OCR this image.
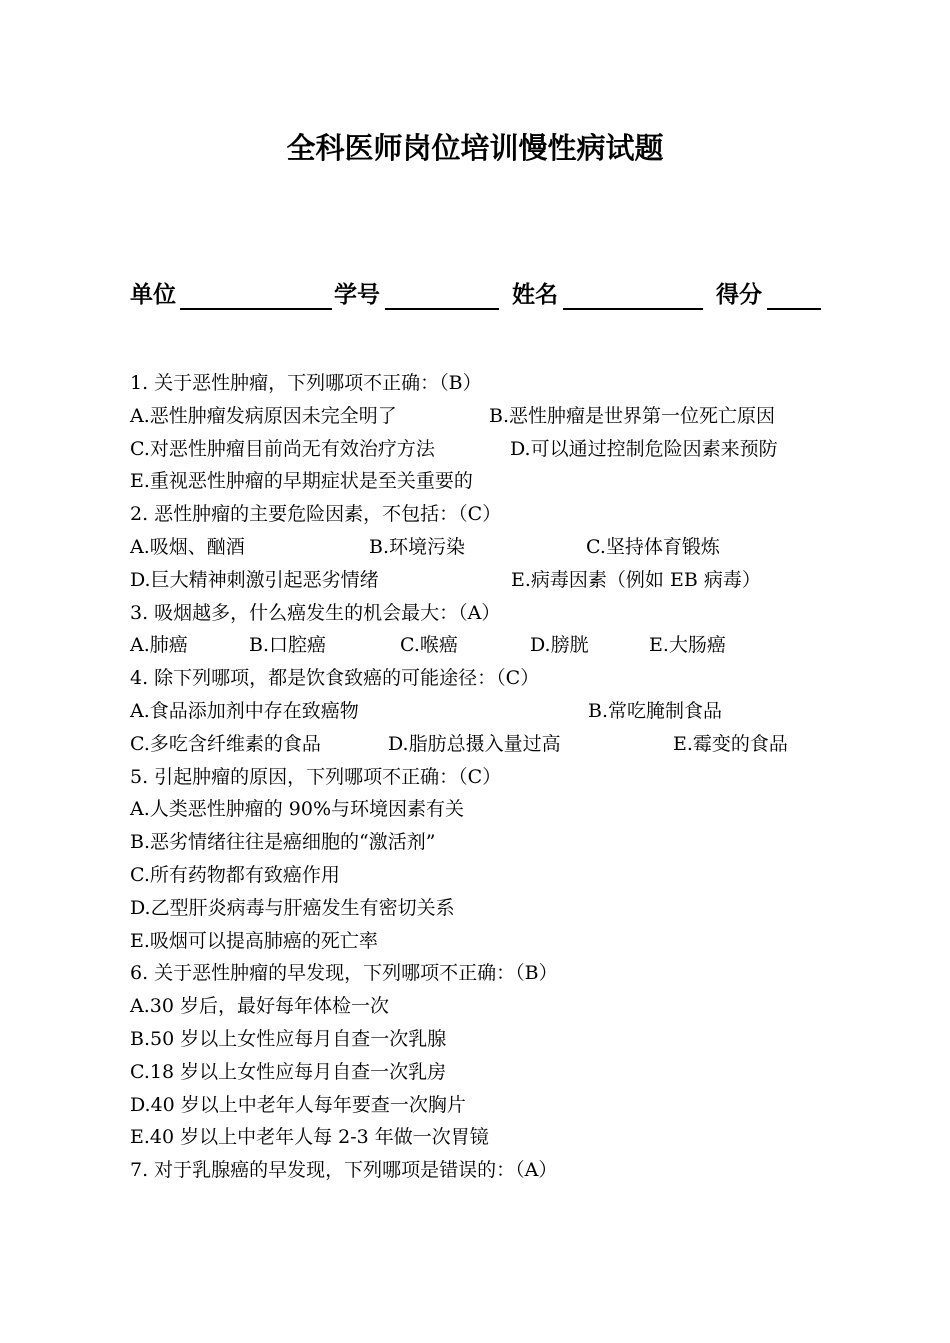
全科医师岗位培训慢性病试题
单位	学号	姓名	得分
1. 关于恶性肿瘤，下列哪项不正确：（B）
A.恶性肿瘤发病原因未完全明了	B.恶性肿瘤是世界第一位死亡原因
C.对恶性肿瘤目前尚无有效治疗方法	D.可以通过控制危险因素来预防
E.重视恶性肿瘤的早期症状是至关重要的
2. 恶性肿瘤的主要危险因素，不包括：（C）
A.吸烟、酗酒	B.环境污染	C.坚持体育锻炼
D.巨大精神刺激引起恶劣情绪	E.病毒因素（例如 EB 病毒）
3. 吸烟越多，什么癌发生的机会最大：（A）
A.肺癌	B.口腔癌	C.喉癌	D.膀胱	E.大肠癌
4. 除下列哪项，都是饮食致癌的可能途径：（C）
A.食品添加剂中存在致癌物	B.常吃腌制食品
C.多吃含纤维素的食品	D.脂肪总摄入量过高	E.霉变的食品
5. 引起肿瘤的原因，下列哪项不正确：（C）
A.人类恶性肿瘤的 90%与环境因素有关
B.恶劣情绪往往是癌细胞的“激活剂”
C.所有药物都有致癌作用
D.乙型肝炎病毒与肝癌发生有密切关系
E.吸烟可以提高肺癌的死亡率
6. 关于恶性肿瘤的早发现，下列哪项不正确：（B）
A.30 岁后，最好每年体检一次
B.50 岁以上女性应每月自查一次乳腺
C.18 岁以上女性应每月自查一次乳房
D.40 岁以上中老年人每年要查一次胸片
E.40 岁以上中老年人每 2-3 年做一次胃镜
7. 对于乳腺癌的早发现，下列哪项是错误的：（A）
